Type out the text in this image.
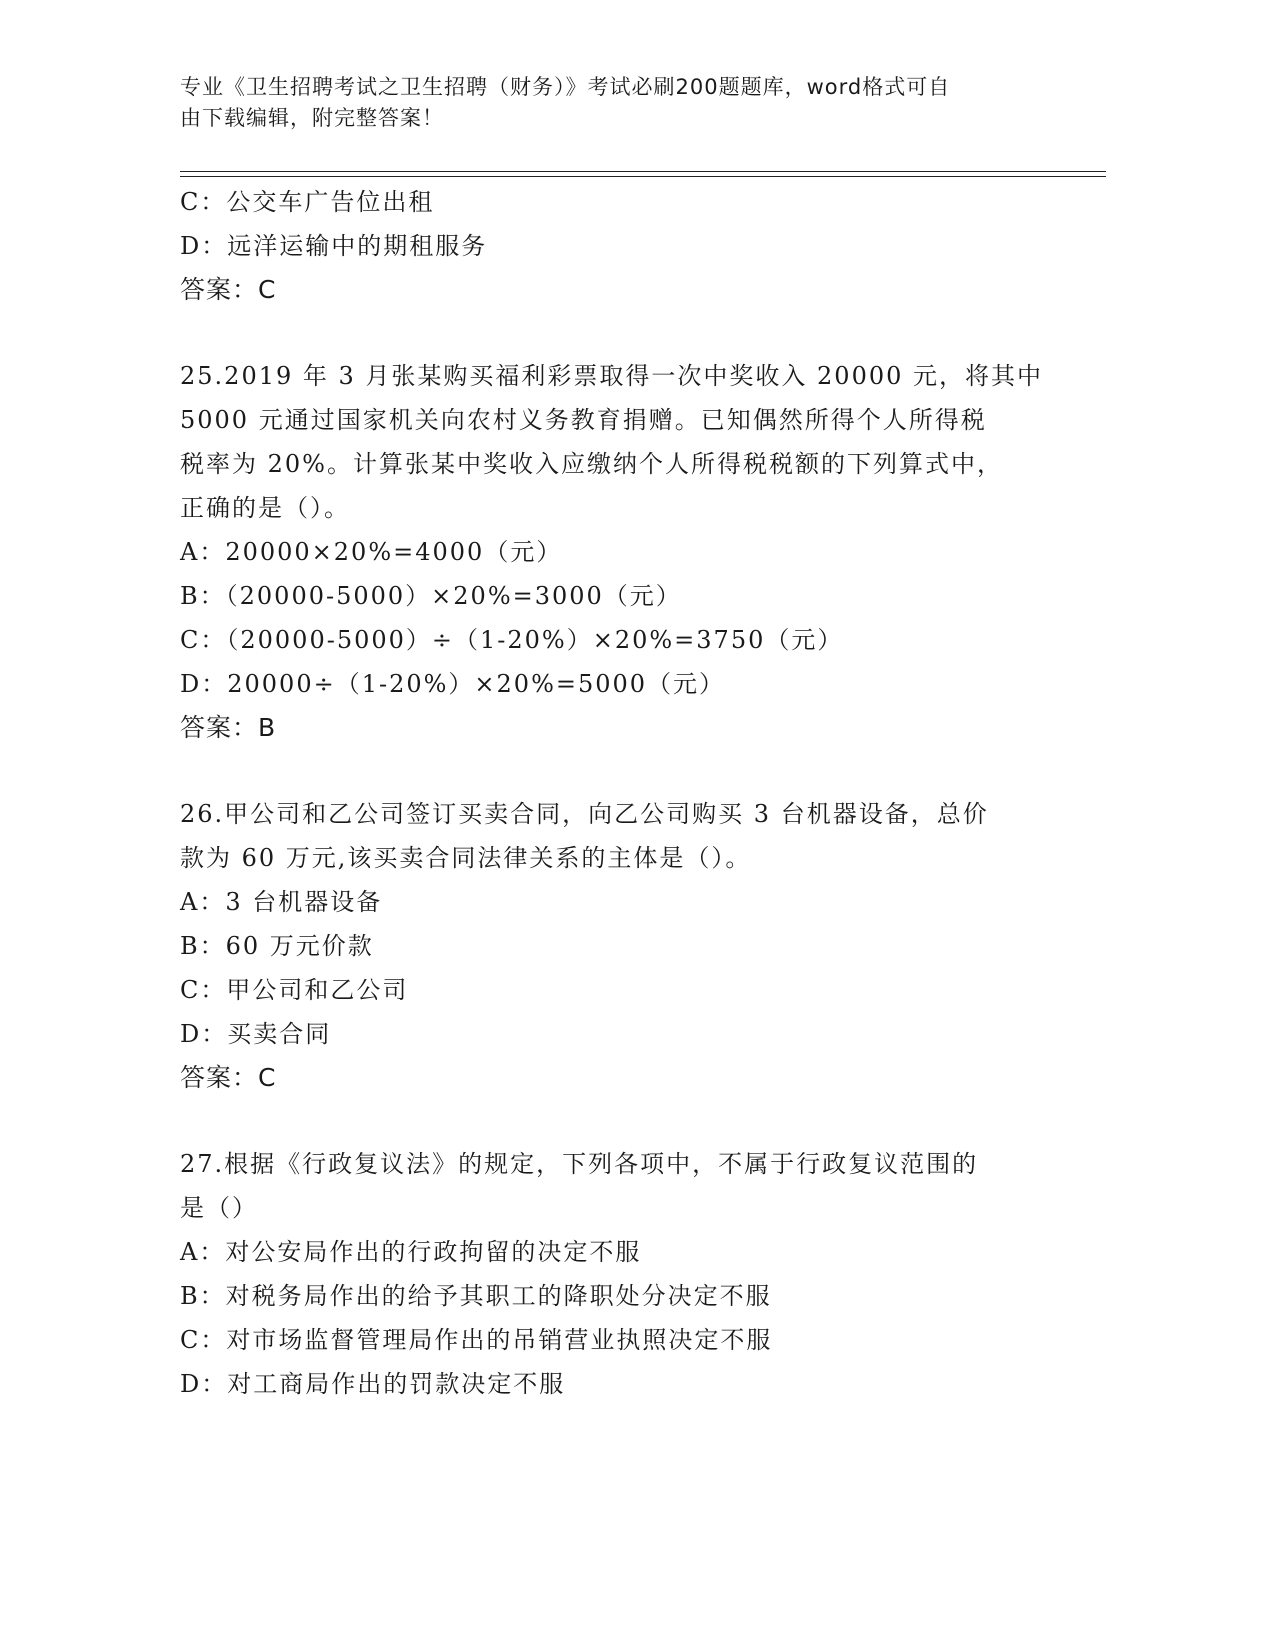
专业《卫生招聘考试之卫生招聘（财务）》考试必刷200题题库，word格式可自
由下载编辑，附完整答案！
C：公交车广告位出租
D：远洋运输中的期租服务
答案：C
25.2019 年 3 月张某购买福利彩票取得一次中奖收入 20000 元，将其中
5000 元通过国家机关向农村义务教育捐赠。已知偶然所得个人所得税
税率为 20%。计算张某中奖收入应缴纳个人所得税税额的下列算式中，
正确的是（）。
A：20000×20%=4000（元）
B：（20000-5000）×20%=3000（元）
C：（20000-5000）÷（1-20%）×20%=3750（元）
D：20000÷（1-20%）×20%=5000（元）
答案：B
26.甲公司和乙公司签订买卖合同，向乙公司购买 3 台机器设备，总价
款为 60 万元,该买卖合同法律关系的主体是（）。
A：3 台机器设备
B：60 万元价款
C：甲公司和乙公司
D：买卖合同
答案：C
27.根据《行政复议法》的规定，下列各项中，不属于行政复议范围的
是（）
A：对公安局作出的行政拘留的决定不服
B：对税务局作出的给予其职工的降职处分决定不服
C：对市场监督管理局作出的吊销营业执照决定不服
D：对工商局作出的罚款决定不服
